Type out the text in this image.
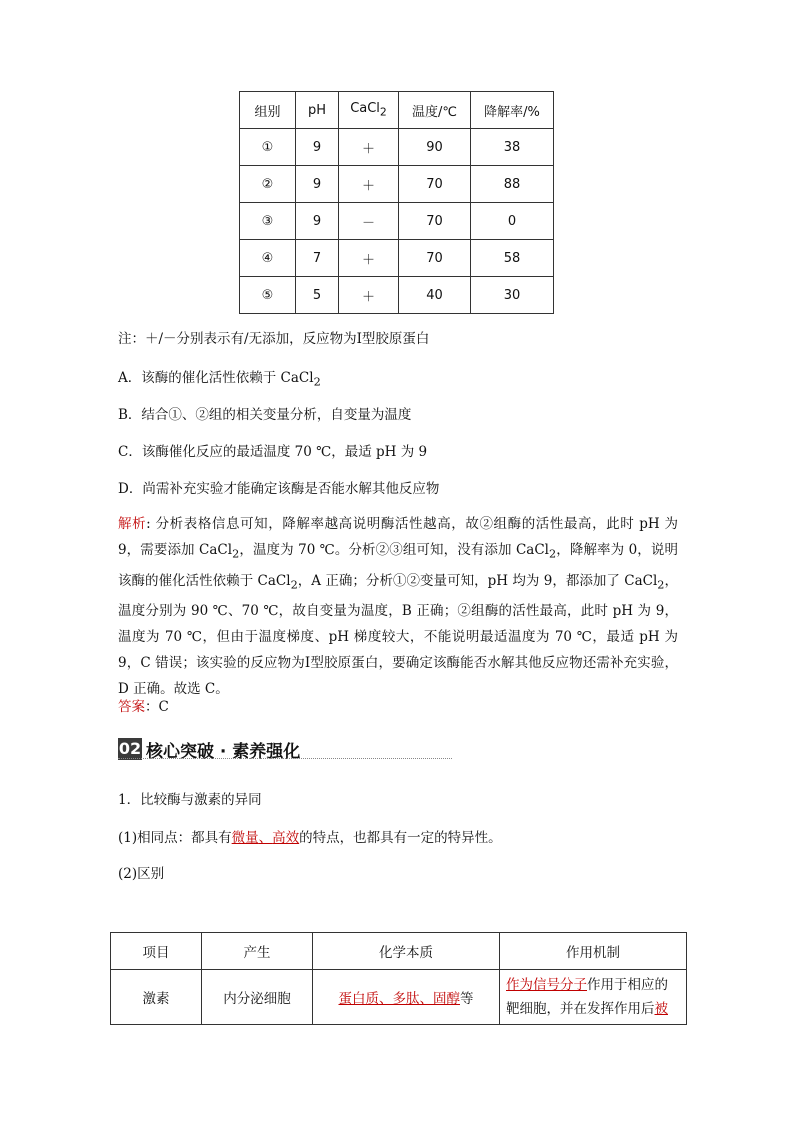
组别	pH	CaCl$_2$	温度/℃	降解率/%
①	9	＋	90	38
②	9	＋	70	88
③	9	－	70	0
④	7	＋	70	58
⑤	5	＋	40	30
注：＋/－分别表示有/无添加，反应物为Ⅰ型胶原蛋白
A．该酶的催化活性依赖于 CaCl$_2$
B．结合①、②组的相关变量分析，自变量为温度
C．该酶催化反应的最适温度 70 ℃，最适 pH 为 9
D．尚需补充实验才能确定该酶是否能水解其他反应物
解析: 分析表格信息可知，降解率越高说明酶活性越高，故②组酶的活性最高，此时 pH 为 9，需要添加 CaCl$_2$，温度为 70 ℃。分析②③组可知，没有添加 CaCl$_2$，降解率为 0，说明该酶的催化活性依赖于 CaCl$_2$，A 正确；分析①②变量可知，pH 均为 9，都添加了 CaCl$_2$，温度分别为 90 ℃、70 ℃，故自变量为温度，B 正确；②组酶的活性最高，此时 pH 为 9，温度为 70 ℃，但由于温度梯度、pH 梯度较大，不能说明最适温度为 70 ℃，最适 pH 为 9，C 错误；该实验的反应物为Ⅰ型胶原蛋白，要确定该酶能否水解其他反应物还需补充实验，D 正确。故选 C。
答案：C
02 核心突破 · 素养强化
1．比较酶与激素的异同
(1)相同点：都具有微量、高效的特点，也都具有一定的特异性。
(2)区别
项目	产生	化学本质	作用机制
激素	内分泌细胞	蛋白质、多肽、固醇等	作为信号分子作用于相应的靶细胞，并在发挥作用后被
